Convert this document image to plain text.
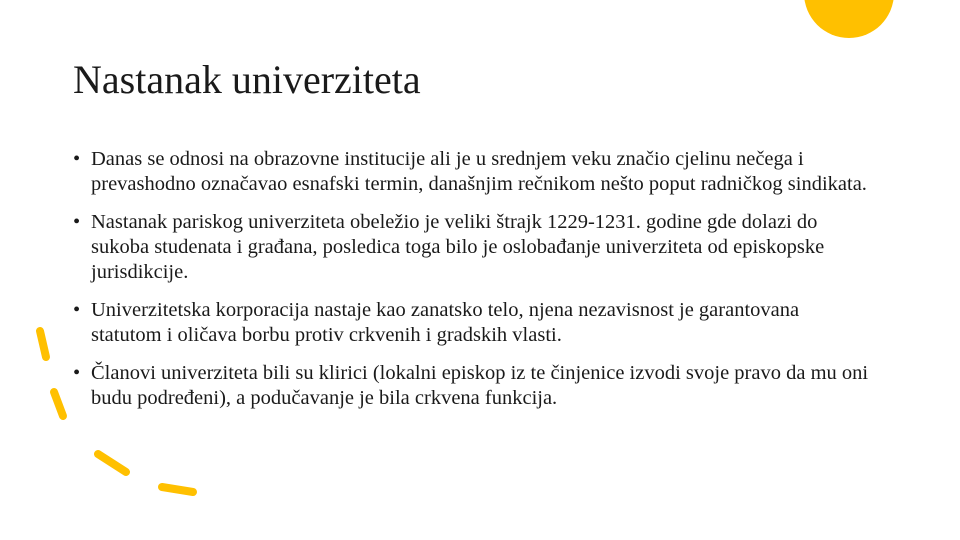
Nastanak univerziteta
• Danas se odnosi na obrazovne institucije ali je u srednjem veku značio cjelinu nečega i prevashodno označavao esnafski termin, današnjim rečnikom nešto poput radničkog sindikata.
• Nastanak pariskog univerziteta obeležio je veliki štrajk 1229-1231. godine gde dolazi do sukoba studenata i građana, posledica toga bilo je oslobađanje univerziteta od episkopske jurisdikcije.
• Univerzitetska korporacija nastaje kao zanatsko telo, njena nezavisnost je garantovana statutom i oličava borbu protiv crkvenih i gradskih vlasti.
• Članovi univerziteta bili su klirici (lokalni episkop iz te činjenice izvodi svoje pravo da mu oni budu podređeni), a podučavanje je bila crkvena funkcija.
